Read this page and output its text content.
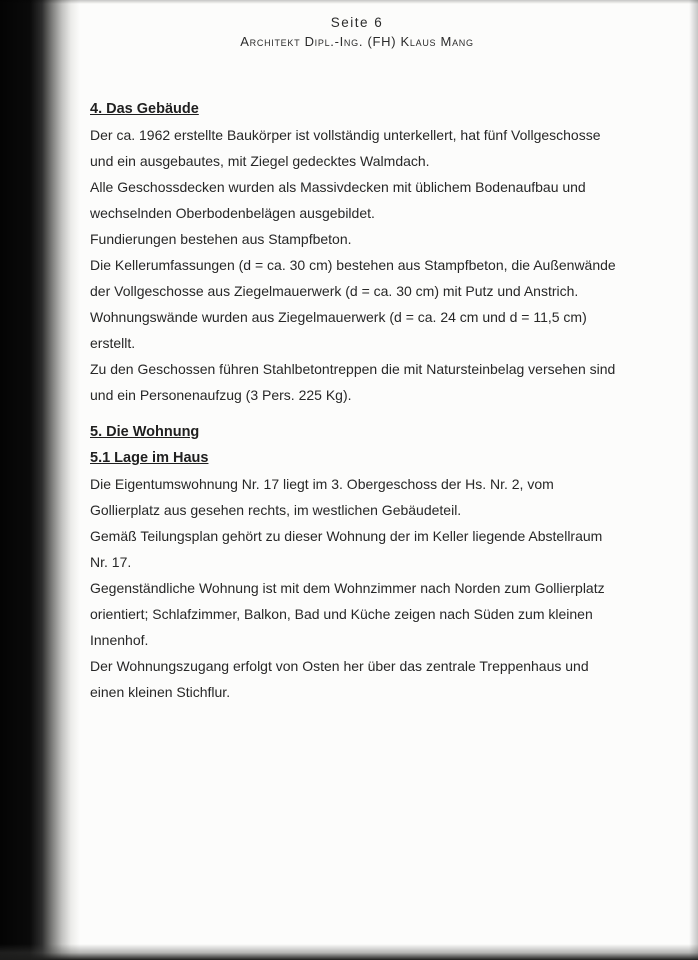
Seite 6
Architekt Dipl.-Ing. (FH) Klaus Mang
4. Das Gebäude

Der ca. 1962 erstellte Baukörper ist vollständig unterkellert, hat fünf Vollgeschosse und ein ausgebautes, mit Ziegel gedecktes Walmdach.

Alle Geschossdecken wurden als Massivdecken mit üblichem Bodenaufbau und wechselnden Oberbodenbelägen ausgebildet.

Fundierungen bestehen aus Stampfbeton.

Die Kellerumfassungen (d = ca. 30 cm) bestehen aus Stampfbeton, die Außenwände der Vollgeschosse aus Ziegelmauerwerk (d = ca. 30 cm) mit Putz und Anstrich.

Wohnungswände wurden aus Ziegelmauerwerk (d = ca. 24 cm und d = 11,5 cm) erstellt.

Zu den Geschossen führen Stahlbetontreppen die mit Natursteinbelag versehen sind und ein Personenaufzug (3 Pers. 225 Kg).

5. Die Wohnung
5.1 Lage im Haus

Die Eigentumswohnung Nr. 17 liegt im 3. Obergeschoss der Hs. Nr. 2, vom Gollierplatz aus gesehen rechts, im westlichen Gebäudeteil.

Gemäß Teilungsplan gehört zu dieser Wohnung der im Keller liegende Abstellraum Nr. 17.

Gegenständliche Wohnung ist mit dem Wohnzimmer nach Norden zum Gollierplatz orientiert; Schlafzimmer, Balkon, Bad und Küche zeigen nach Süden zum kleinen Innenhof.

Der Wohnungszugang erfolgt von Osten her über das zentrale Treppenhaus und einen kleinen Stichflur.
